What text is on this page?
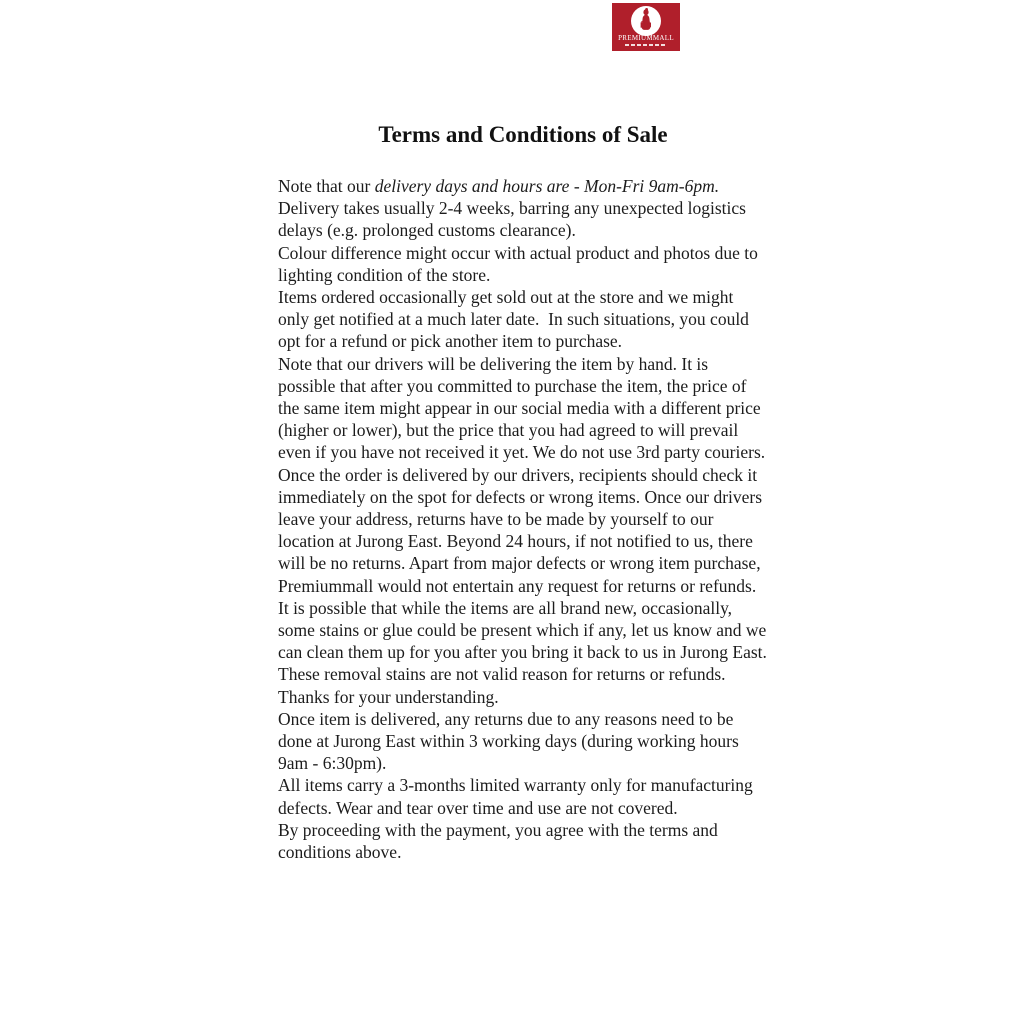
PREMIUMMALL
Terms and Conditions of Sale

Note that our delivery days and hours are - Mon-Fri 9am-6pm.

Delivery takes usually 2-4 weeks, barring any unexpected logistics delays (e.g. prolonged customs clearance).

Colour difference might occur with actual product and photos due to lighting condition of the store.

Items ordered occasionally get sold out at the store and we might only get notified at a much later date.  In such situations, you could opt for a refund or pick another item to purchase.

Note that our drivers will be delivering the item by hand. It is possible that after you committed to purchase the item, the price of the same item might appear in our social media with a different price (higher or lower), but the price that you had agreed to will prevail even if you have not received it yet. We do not use 3rd party couriers.

Once the order is delivered by our drivers, recipients should check it immediately on the spot for defects or wrong items. Once our drivers leave your address, returns have to be made by yourself to our location at Jurong East. Beyond 24 hours, if not notified to us, there will be no returns. Apart from major defects or wrong item purchase, Premiummall would not entertain any request for returns or refunds.

It is possible that while the items are all brand new, occasionally, some stains or glue could be present which if any, let us know and we can clean them up for you after you bring it back to us in Jurong East. These removal stains are not valid reason for returns or refunds. Thanks for your understanding.

Once item is delivered, any returns due to any reasons need to be done at Jurong East within 3 working days (during working hours 9am - 6:30pm).

All items carry a 3-months limited warranty only for manufacturing defects. Wear and tear over time and use are not covered.

By proceeding with the payment, you agree with the terms and conditions above.
